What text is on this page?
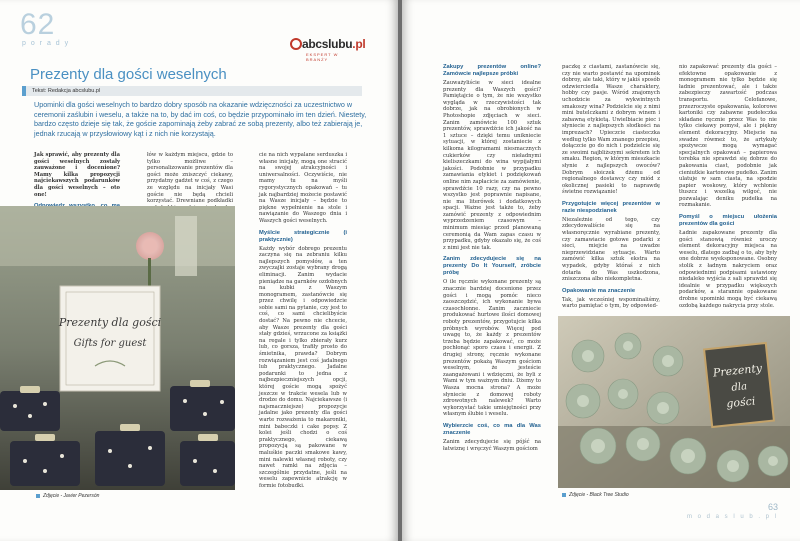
62
p o r a d y	abcslubu.pl
EKSPERT W BRANŻY
Prezenty dla gości weselnych
Tekst: Redakcja abcslubu.pl
Upominki dla gości weselnych to bardzo dobry sposób na okazanie wdzięczności za uczestnictwo w ceremonii zaślubin i weselu, a także na to, by dać im coś, co będzie przypominało im ten dzień. Niestety, bardzo często dzieje się tak, że goście zapominają żeby zabrać ze sobą prezenty, albo też zabierają je, jednak rzucają w przysłowiowy kąt i z nich nie korzystają.

Jak sprawić, aby prezenty dla gości weselnych zostały zauważone i docenione? Mamy kilka propozycji najciekawszych podarunków dla gości weselnych – oto one!

łów w każdym miejscu, gdzie to tylko możliwe – personalizowanie prezentów dla gości może zniszczyć ciekawy, przydatny gadżet w coś, z czego ze względu na inicjały Wasi goście nie będą chcieli korzystać. Drewniane podkładki

cie na nich wypalane serduszka i własne inicjały, mogą one stracić na swojej atrakcyjności i uniwersalności. Oczywiście, nie mamy tu na myśli rygorystycznych opakowań – tu jak najbardziej możecie postawić na Wasze inicjały – będzie to piękne wypełnienie na stole i nawiązanie do Waszego dnia i Waszych gości weselnych.

Myślcie strategicznie (i praktycznie)

Każdy wybór dobrego prezentu zaczyna się na zebraniu kilku najlepszych pomysłów, a ten zwyczajki zostaje wybrany drogą eliminacji. Zanim wydacie pieniądze na garnków ozdobnych na kubki z Waszym monogramem, zastanówcie się przez chwilę i odpowiedzcie sobie sami na pytanie, czy jest to coś, co sami chcielibyście dostać? Na pewno nie chcecie, aby Wasze prezenty dla gości stały gdzieś, wrzucone za książki na regale i tylko zbierały kurz lub, co gorsza, trafiły prosto do śmietnika, prawda? Dobrym rozwiązaniem jest coś jadalnego lub praktycznego. Jadalne podarunki to jedna z najbezpieczniejszych opcji, której goście mogą spożyć jeszcze w trakcie wesela lub w drodze do domu. Najciekawsze (i najsmaczniejsze) propozycje jadalne jako prezenty dla gości warte rozważenia to makaroniki, mini babeczki i cake popsy. Z kolei jeśli chodzi o coś praktycznego, ciekawą propozycją są pakowane w maluśkie paczki smakowe kawy, mini nalewki własnej roboty, czy nawet ramki na zdjęcia – szczególnie przydatne, jeśli na weselu zapewnicie atrakcję w formie fotobudki.

Prezenty dla gości
Gifts for guest
Zdjęcie - Javier Pezersón
Zakupy prezentów online? Zamówcie najlepsze próbki

Zauważyliście w sieci idealne prezenty dla Waszych gości? Pamiętajcie o tym, że nie wszystko wygląda w rzeczywistości tak dobrze, jak na obrobionych w Photoshopie zdjęciach w sieci. Zanim zamówicie 100 sztuk prezentów, sprawdźcie ich jakość na 1 sztuce – dzięki temu unikniecie sytuacji, w której zostaniecie z kilkoma kilogramami niesmacznych cukierków czy nieładnymi kieliszeczkami do wina wypijałymi jakości. Podobnie w przypadku zamawiania etykiet i podziękowań online nim zapłacicie za zamówienie, sprawdźcie 10 razy, czy na pewno wszystko jest poprawnie napisane, nie ma literówek i dodatkowych spacji. Ważne jest także to, żeby zamówić prezenty z odpowiednim wyprzedzeniem czasowym – minimum miesiąc przed planowaną ceremonią da Wam zapas czasu w przypadku, gdyby okazało się, że coś z nimi jest nie tak.

Zanim zdecydujecie się na prezenty Do It Yourself, zróbcie próbę

O ile ręcznie wykonane prezenty są znacznie bardziej docenione przez gości i mogą pomóc nieco zaoszczędzić, ich wykonanie bywa czasochłonne. Zanim zaczniecie produkować hurtowe ilości domowej roboty prezentów, przygotujcie kilka próbnych wyrobów. Więcej pod uwagę to, że każdy z prezentów trzeba będzie zapakować, co może pochłonąć sporo czasu i energii. Z drugiej strony, ręcznie wykonane prezentów pokażą Waszym gościom weselnym, że jesteście zaangażowani i wdzięczni, że byli z Wami w tym ważnym dniu. Dżemy to Wasza mocna strona? A może słyniecie z domowej roboty zdrowotnych nalewek? Warto wykorzystać takie umiejętności przy własnym ślubie i weselu.

Wybierzcie coś, co ma dla Was znaczenie

Zanim zdecydujecie się pójść na łatwiznę i wręczyć Waszym gościom

paczkę z ciastami, zastanówcie się, czy nie warto postawić na upominek dobroy, ale taki, który w jakiś sposób odzwierciedla Wasze charaktery, hobby czy pasje. Wśród znajomych uchodzicie za wykwintnych smakoszy wina? Podzielcie się z nimi mini butelczkami z dobrym winem i zabawną etykietą. Uwielbiacie piec i słyniecie z najlepszych słodkości na imprezach? Upieczcie ciasteczka według tylko Wam znanego przepisu, dołączcie go do nich i podzielcie się ze swoimi najbliższymi sekretem ich smaku. Region, w którym mieszkacie słynie z najlepszych owoców? Dobrym słoiczek dżemu od regionalnego dostawcy czy miód z okolicznej pasieki to naprawdę świetne rozwiązanie!

Przygotujcie więcej prezentów w razie niespodzianek

Niezależnie od tego, czy zdecydowaliście się na własnoręcznie wyrabiane prezenty, czy zamawiacie gotowe podarki z sieci, miejcie na uwadze nieprzewidziane sytuacje. Warto zamówić kilka sztuk ekstra na wypadek, gdyby któraś z nich dotarła do Was uszkodzona, zniszczona albo niekompletna.

Opakowanie ma znaczenie

Tak, jak wcześniej wspominaliśmy, warto pamiętać o tym, by odpowied-

nio zapakować prezenty dla gości – efektowne opakowanie z monogramem nie tylko będzie się ładnie prezentować, ale i także zabezpieczy zawartość podczas transportu. Celofanowe, przezroczyste opakowania, kolorowe kartoniki czy zabawne pudełeczka składane ręcznie przez Was to nie tylko ciekawy pomysł, ale i piękny element dekoracyjny. Miejscie na swadze rówmeż to, że artykuły spożywcze mogą wymagać specjalnych opakowań – papierowa torebka nie sprawdzi się dobrze do pakowania ciast, podobnie jak cieniutkie kartonowe pudełko. Zanim ulatuje w sam ciasta, na spodzie papier woskowy, który wchłonie tłuszcz i wszelką wilgoć, nie pozwalając deniku pudełka na rozmakanie.

Pomyśl o miejscu ułożenia prezentów dla gości

Ładnie zapakowane prezenty dla gości stanowią również uroczy element dekoracyjny miejsca na weselu, dlatego zadbaj o to, aby były one dobrze wyeksponowane. Osobny stolik z ładnym nakryciem oraz odpowiednimi podpisami ustawiony niedaleko wyjścia z sali sprawdzi się idealnie w przypadku większych podarków, a starannie opakowane drobne upominki mogą być ciekawą ozdobą każdego nakrycia przy stole.

Prezenty
dla
gości
Zdjęcie - Black Tree Studio
63
m o d a s l u b . p l
